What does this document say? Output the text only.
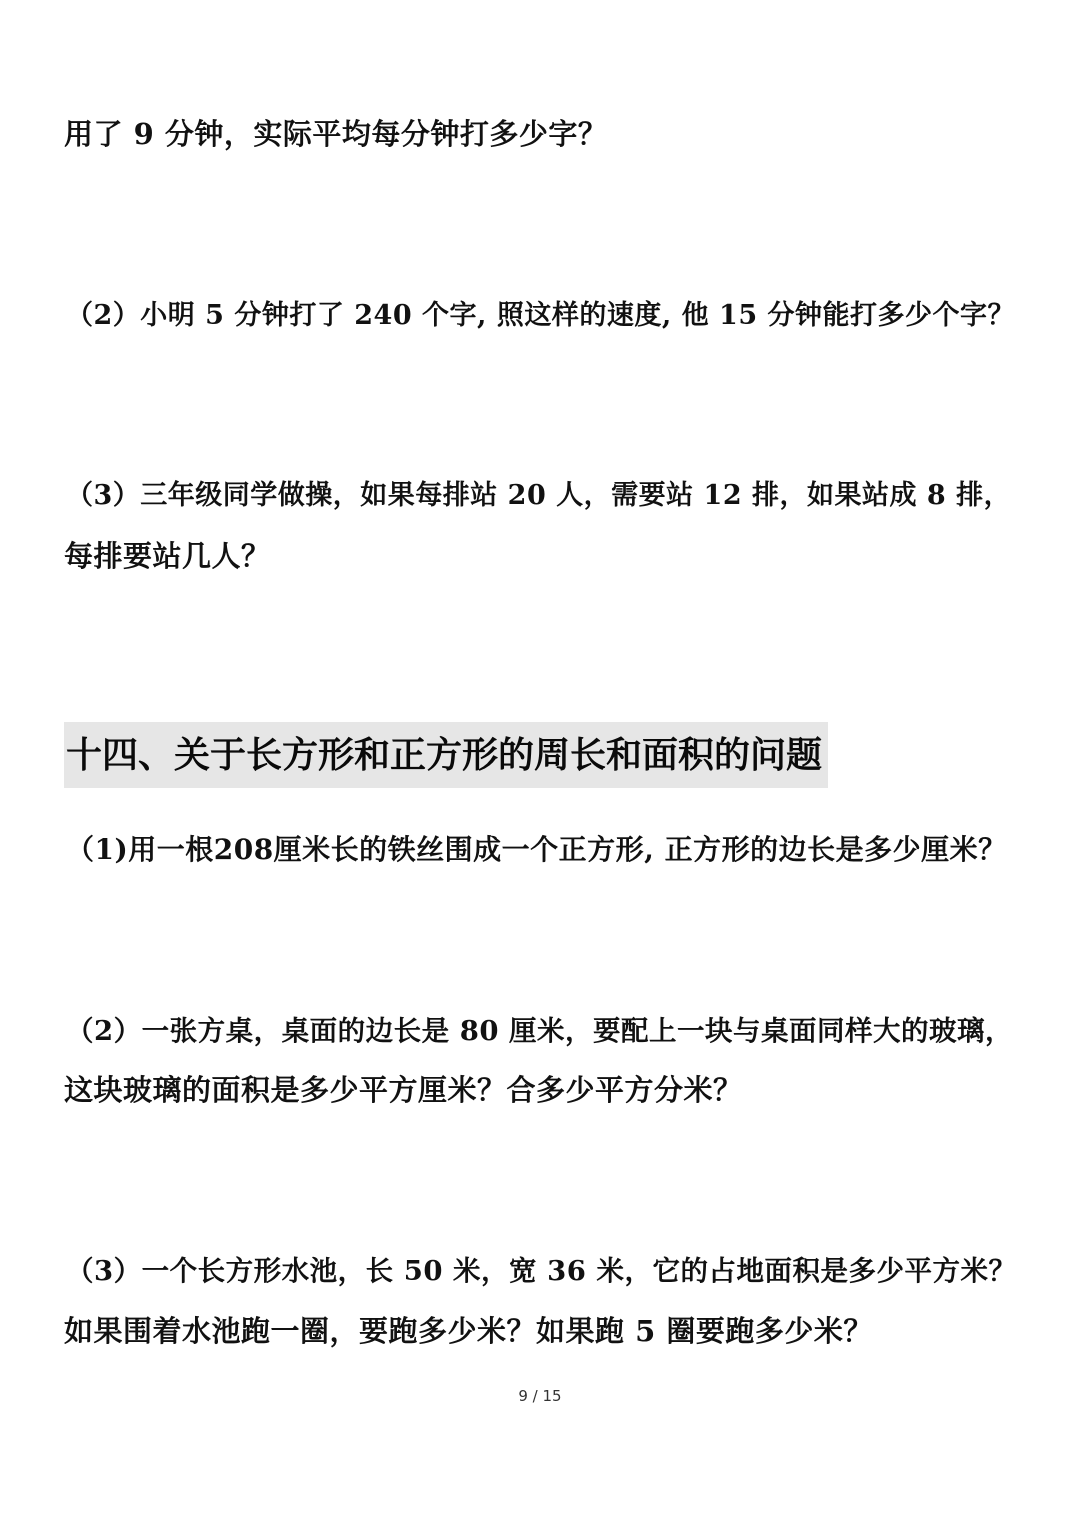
用了 9 分钟，实际平均每分钟打多少字？
（2）小明 5 分钟打了 240 个字, 照这样的速度, 他 15 分钟能打多少个字？
（3）三年级同学做操，如果每排站 20 人，需要站 12 排，如果站成 8 排，
每排要站几人？
十四、关于长方形和正方形的周长和面积的问题
（1)用一根208厘米长的铁丝围成一个正方形, 正方形的边长是多少厘米？
（2）一张方桌，桌面的边长是 80 厘米，要配上一块与桌面同样大的玻璃，
这块玻璃的面积是多少平方厘米？合多少平方分米？
（3）一个长方形水池，长 50 米，宽 36 米，它的占地面积是多少平方米？
如果围着水池跑一圈，要跑多少米？如果跑 5 圈要跑多少米？
9 / 15
